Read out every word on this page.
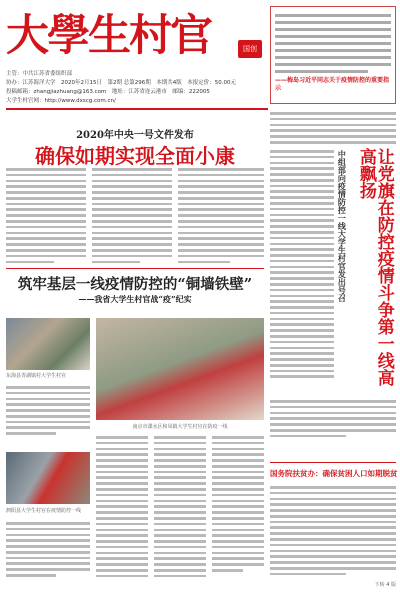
大學生村官	国创
——梅岛习近平同志关于疫情防控的重要指示
主管：中共江苏省委组织部
协办：江苏海洋大学　2020年2月15日　第2期 总第296期　本期共4版　本报定价：50.00元
投稿邮箱：zhangjiazhuang@163.com　地址：江苏省连云港市　邮编：222005
大学生村官网：http://www.dxscg.com.cn/
2020年中央一号文件发布
确保如期实现全面小康	让党旗在防控疫情斗争第一线高高飘扬
中组部向疫情防控一线大学生村官发出号召
筑牢基层一线疫情防控的“铜墙铁壁”
——我省大学生村官战“疫”纪实
东海县青湖镇村大学生村官
泗阳县大学生村官在疫情防控一线
南京市溧水区和凤镇大学生村官在防疫一线
国务院扶贫办：确保贫困人口如期脱贫
下转 4 版
